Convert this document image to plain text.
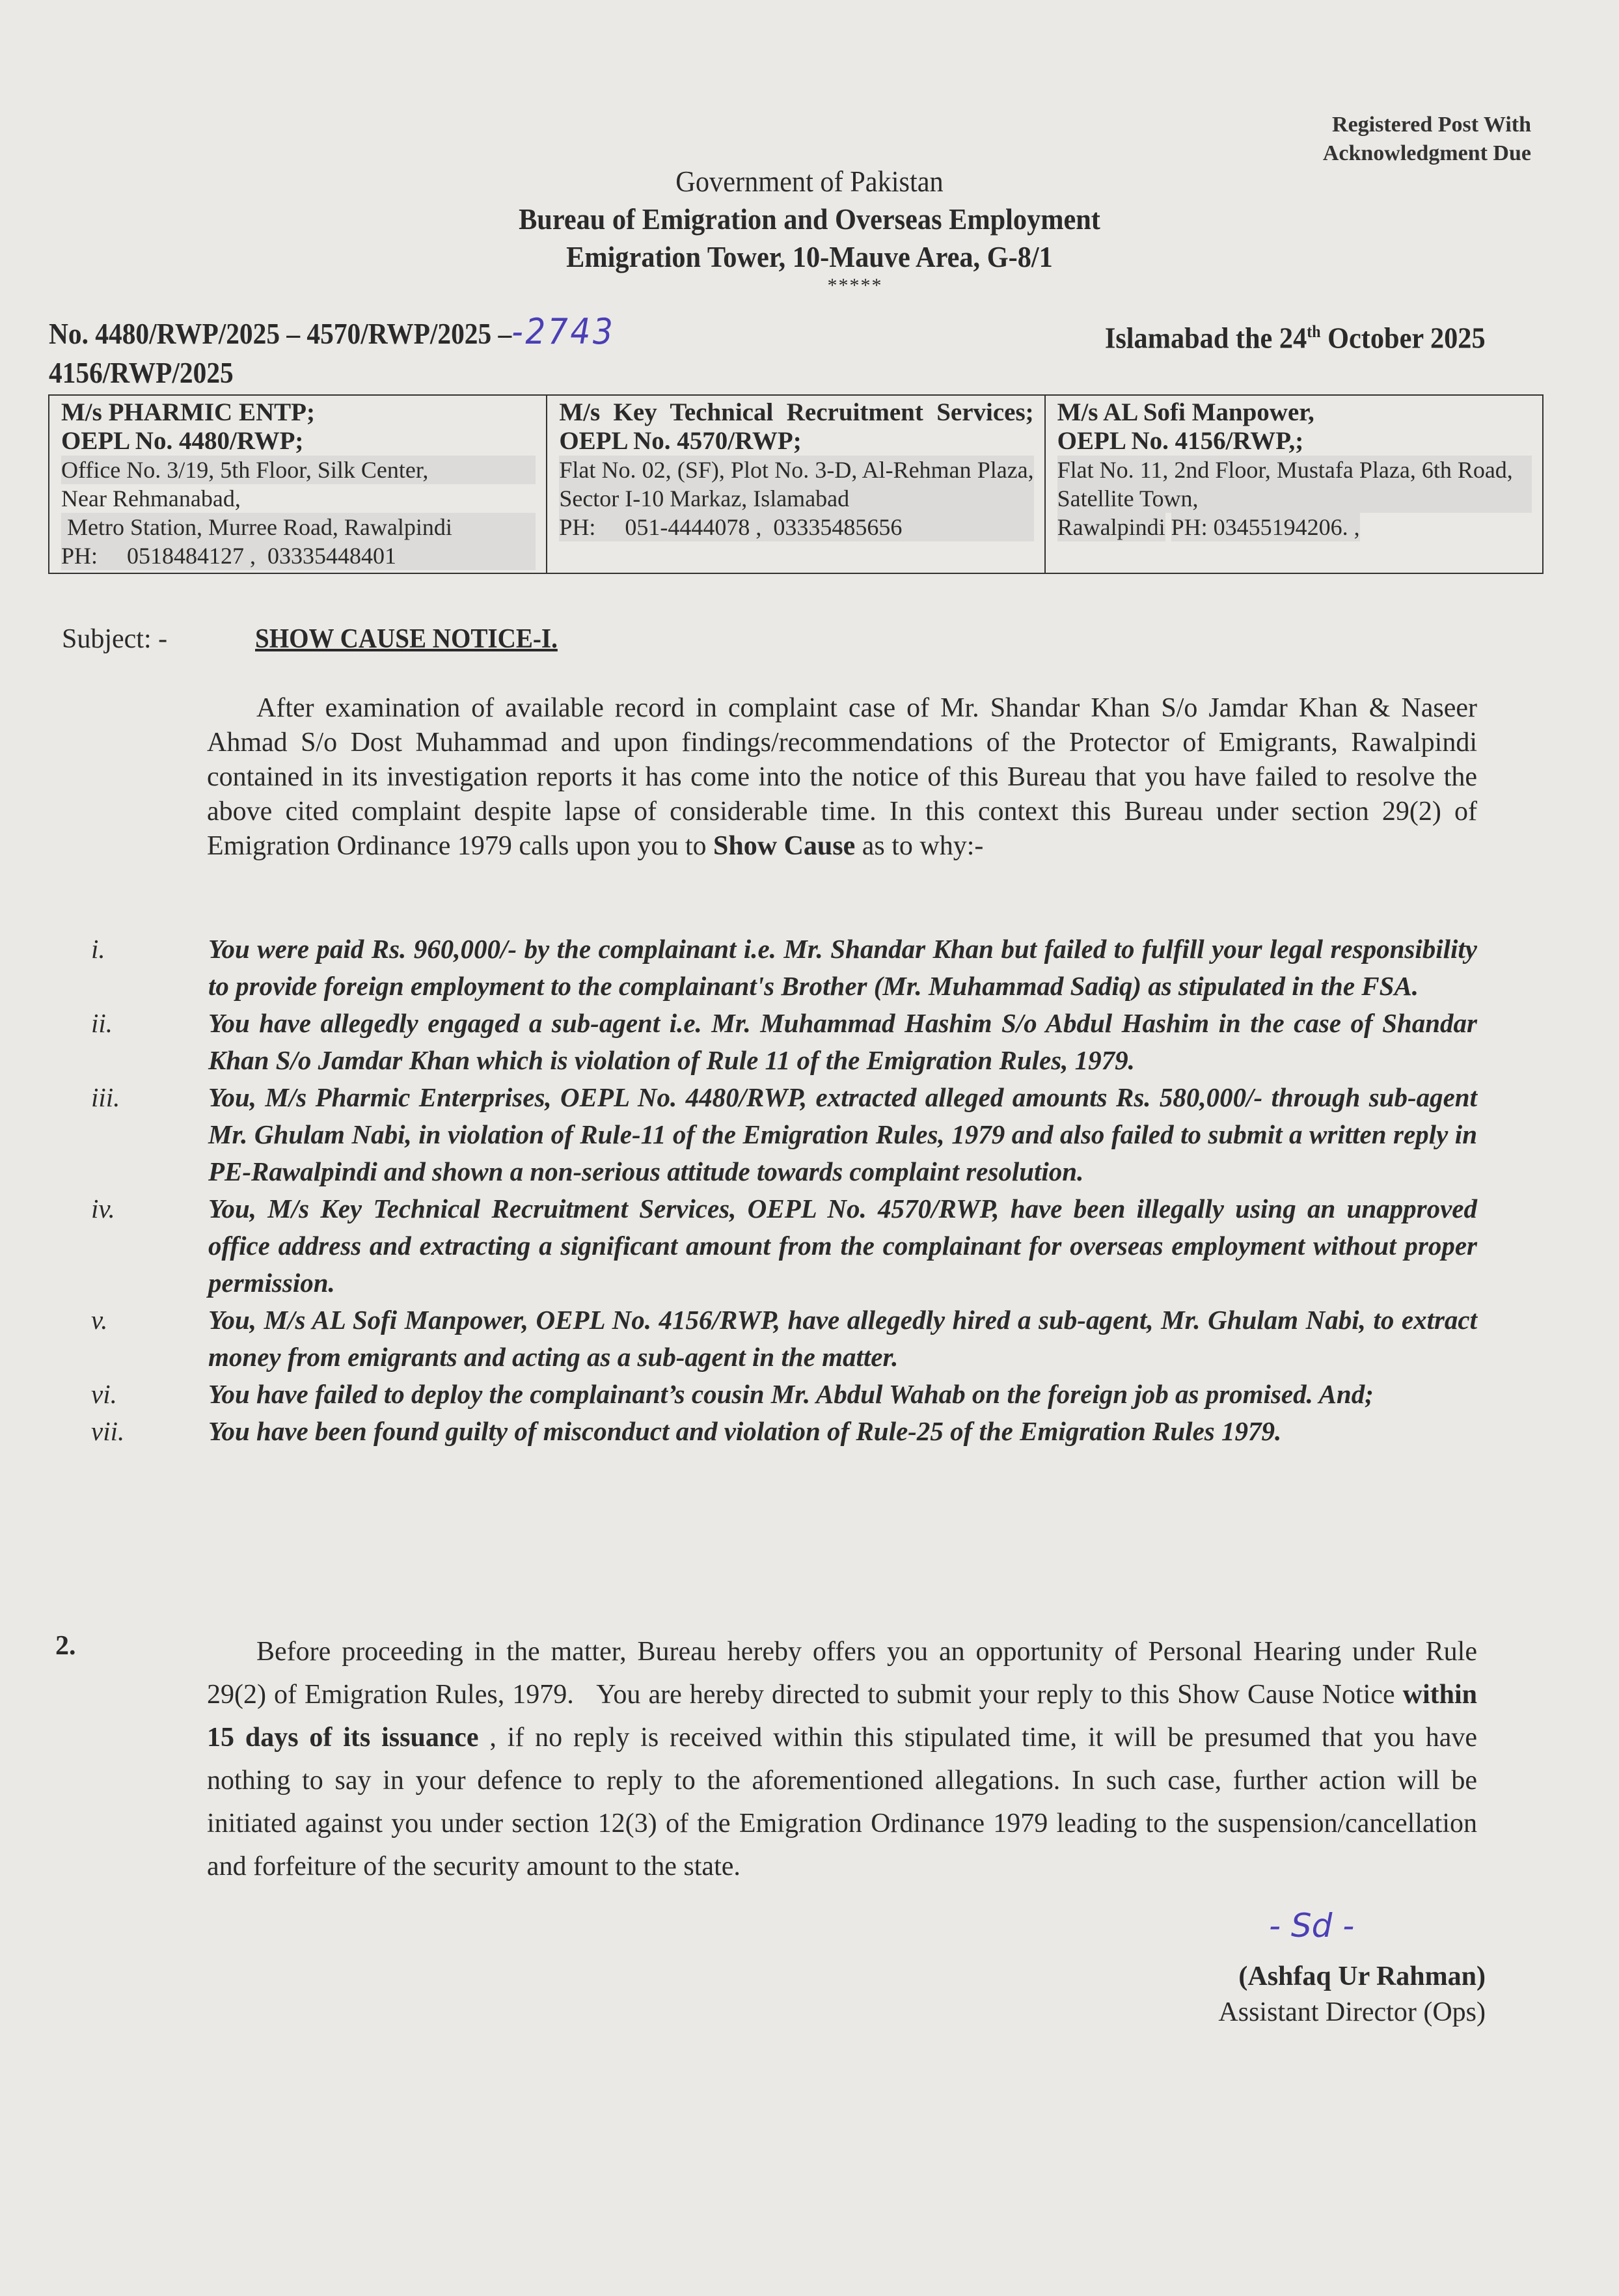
Registered Post With
Acknowledgment Due
Government of Pakistan
Bureau of Emigration and Overseas Employment
Emigration Tower, 10-Mauve Area, G-8/1
*****
No. 4480/RWP/2025 – 4570/RWP/2025 –-2743
4156/RWP/2025
Islamabad the 24th October 2025
M/s PHARMIC ENTP;
OEPL No. 4480/RWP;
Office No. 3/19, 5th Floor, Silk Center,
Near Rehmanabad,
Metro Station, Murree Road, Rawalpindi
PH:     0518484127 ,  03335448401

M/s Key Technical Recruitment Services;
OEPL No. 4570/RWP;
Flat No. 02, (SF), Plot No. 3-D, Al-Rehman Plaza, Sector I-10 Markaz, Islamabad
PH:     051-4444078 ,  03335485656

M/s AL Sofi Manpower,
OEPL No. 4156/RWP,;
Flat No. 11, 2nd Floor, Mustafa Plaza, 6th Road, Satellite Town,
Rawalpindi PH: 03455194206. ,
Subject: -	SHOW CAUSE NOTICE-I.
After examination of available record in complaint case of Mr. Shandar Khan S/o Jamdar Khan & Naseer Ahmad S/o Dost Muhammad and upon findings/recommendations of the Protector of Emigrants, Rawalpindi contained in its investigation reports it has come into the notice of this Bureau that you have failed to resolve the above cited complaint despite lapse of considerable time. In this context this Bureau under section 29(2) of Emigration Ordinance 1979 calls upon you to Show Cause as to why:-
i.	You were paid Rs. 960,000/- by the complainant i.e. Mr. Shandar Khan but failed to fulfill your legal responsibility to provide foreign employment to the complainant's Brother (Mr. Muhammad Sadiq) as stipulated in the FSA.
ii.	You have allegedly engaged a sub-agent i.e. Mr. Muhammad Hashim S/o Abdul Hashim in the case of Shandar Khan S/o Jamdar Khan which is violation of Rule 11 of the Emigration Rules, 1979.
iii.	You, M/s Pharmic Enterprises, OEPL No. 4480/RWP, extracted alleged amounts Rs. 580,000/- through sub-agent Mr. Ghulam Nabi, in violation of Rule-11 of the Emigration Rules, 1979 and also failed to submit a written reply in PE-Rawalpindi and shown a non-serious attitude towards complaint resolution.
iv.	You, M/s Key Technical Recruitment Services, OEPL No. 4570/RWP, have been illegally using an unapproved office address and extracting a significant amount from the complainant for overseas employment without proper permission.
v.	You, M/s AL Sofi Manpower, OEPL No. 4156/RWP, have allegedly hired a sub-agent, Mr. Ghulam Nabi, to extract money from emigrants and acting as a sub-agent in the matter.
vi.	You have failed to deploy the complainant’s cousin Mr. Abdul Wahab on the foreign job as promised. And;
vii.	You have been found guilty of misconduct and violation of Rule-25 of the Emigration Rules 1979.
2.	Before proceeding in the matter, Bureau hereby offers you an opportunity of Personal Hearing under Rule 29(2) of Emigration Rules, 1979.   You are hereby directed to submit your reply to this Show Cause Notice within 15 days of its issuance , if no reply is received within this stipulated time, it will be presumed that you have nothing to say in your defence to reply to the aforementioned allegations. In such case, further action will be initiated against you under section 12(3) of the Emigration Ordinance 1979 leading to the suspension/cancellation and forfeiture of the security amount to the state.
- Sd -
(Ashfaq Ur Rahman)
Assistant Director (Ops)
